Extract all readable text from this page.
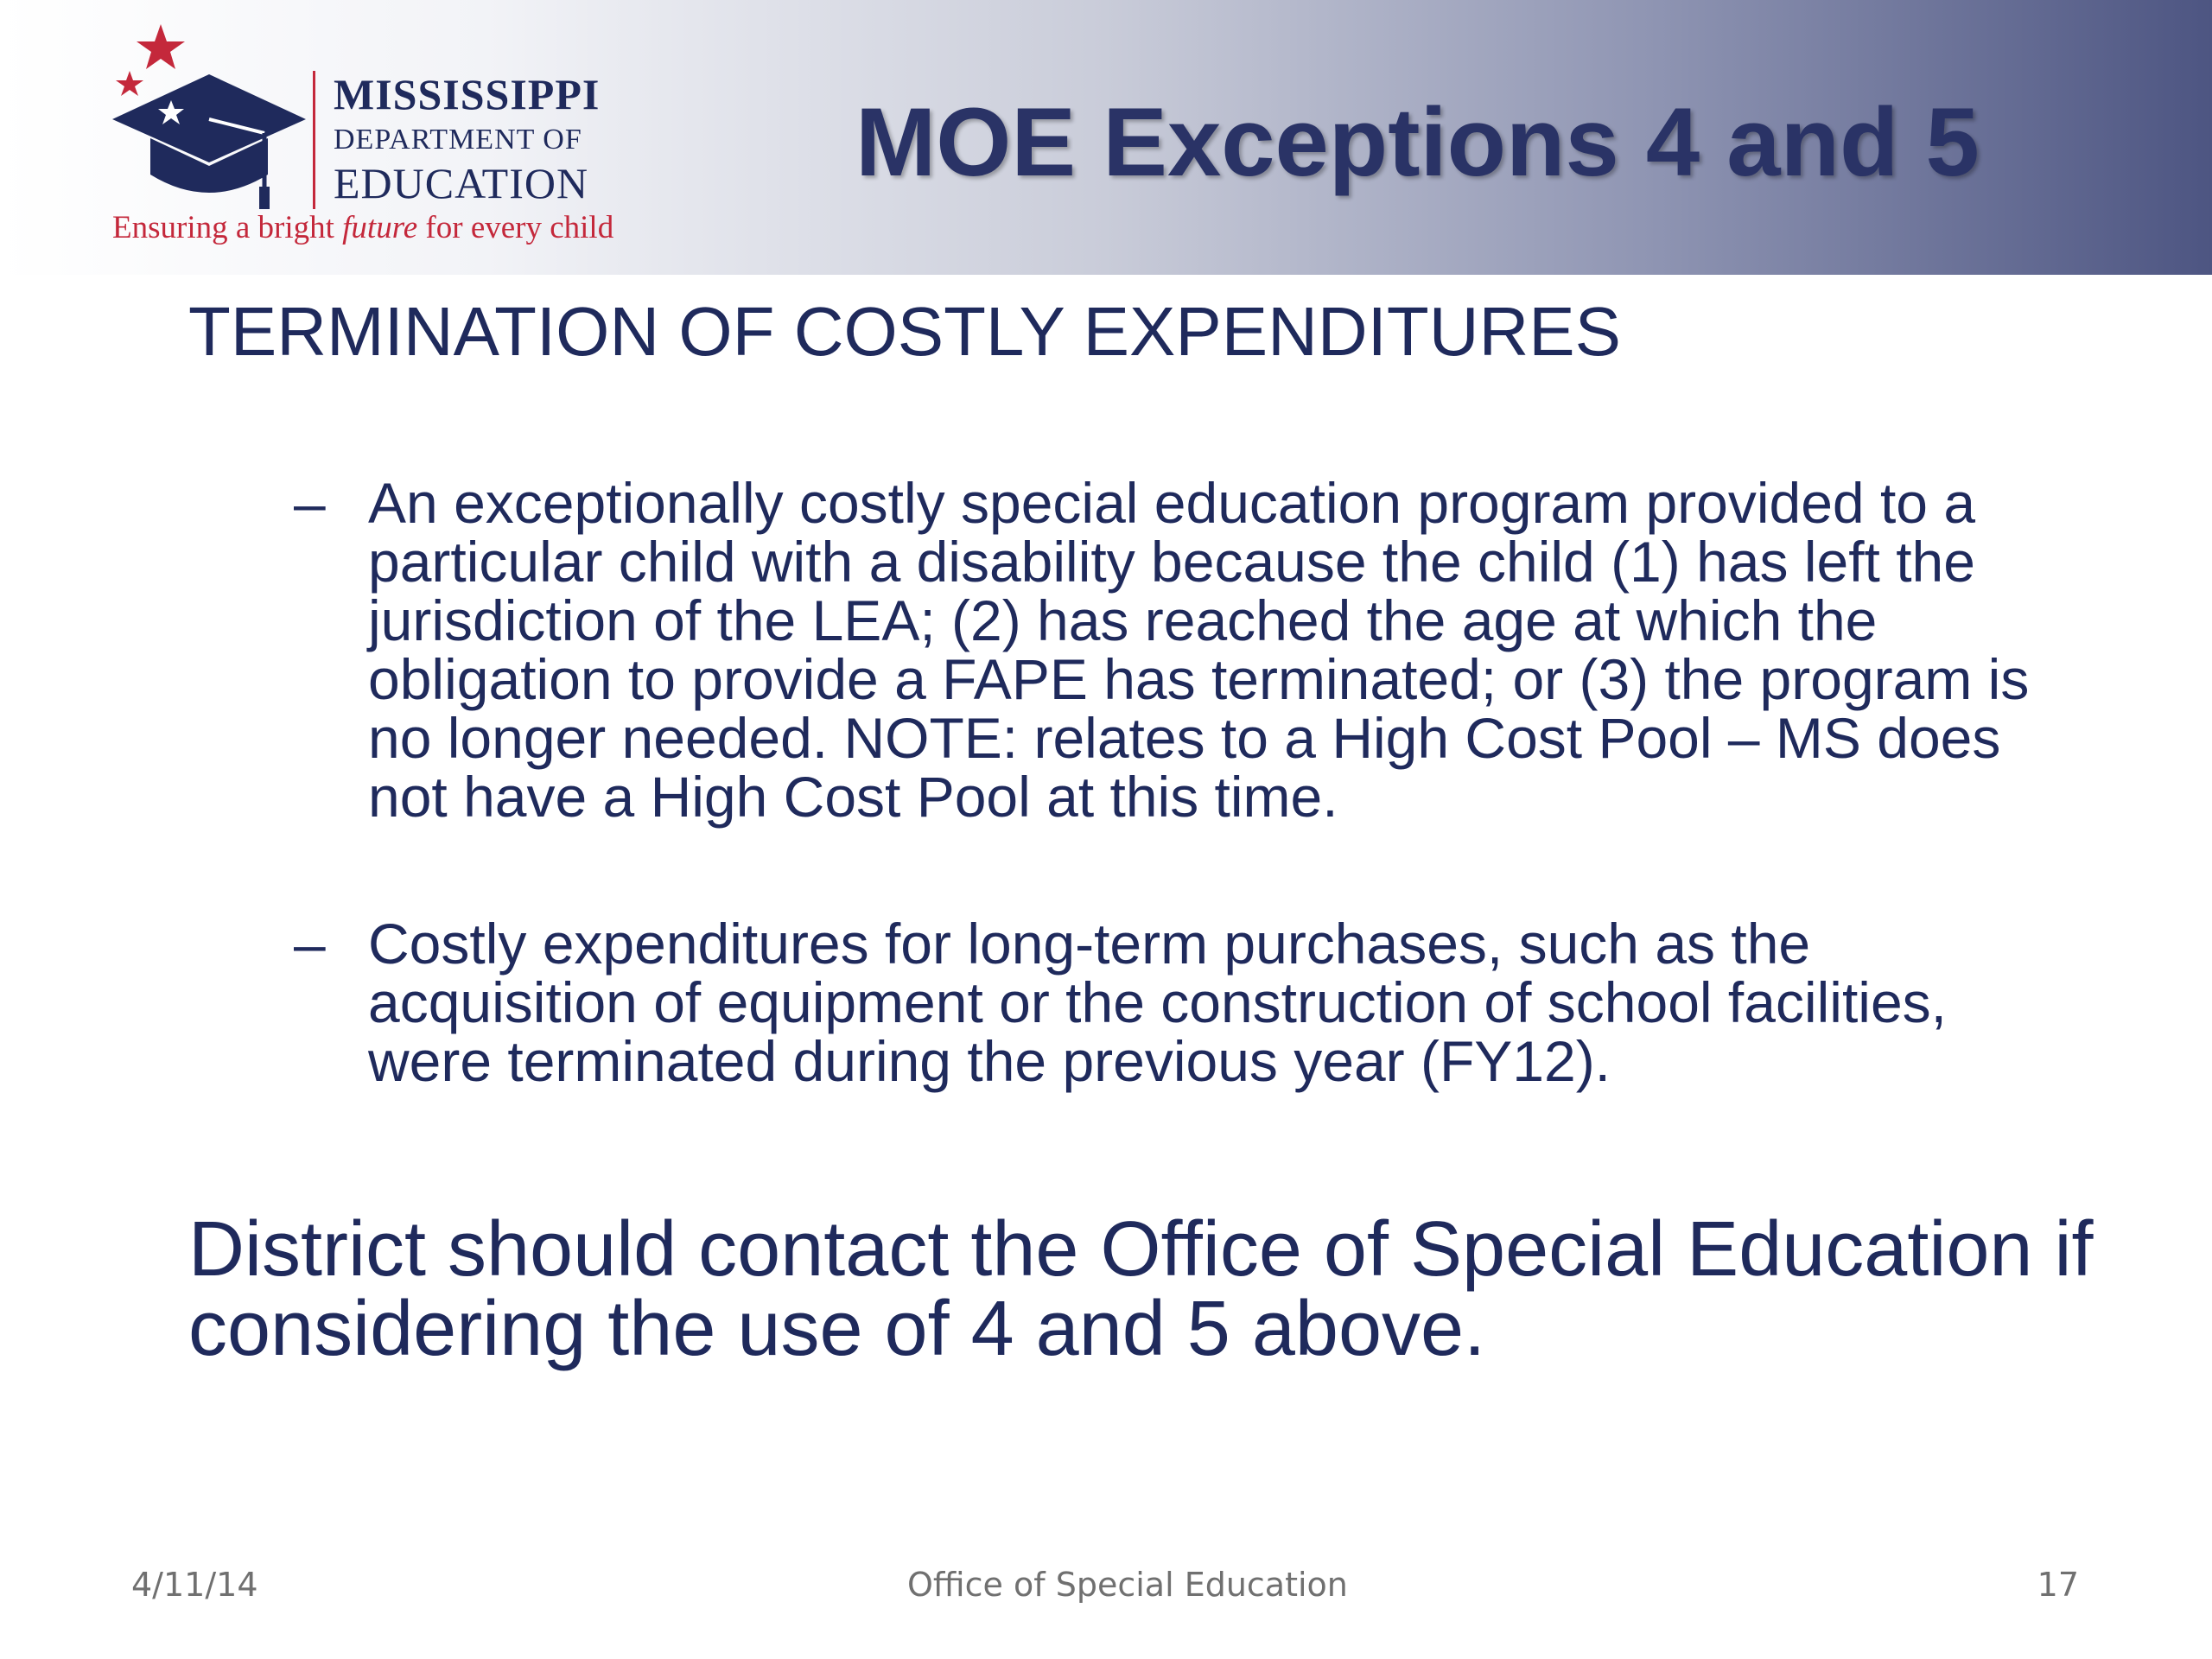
MISSISSIPPI
DEPARTMENT OF
EDUCATION
Ensuring a bright future for every child
MOE Exceptions 4 and 5
TERMINATION OF COSTLY EXPENDITURES
– An exceptionally costly special education program provided to a particular child with a disability because the child (1) has left the jurisdiction of the LEA; (2) has reached the age at which the obligation to provide a FAPE has terminated; or (3) the program is no longer needed. NOTE: relates to a High Cost Pool – MS does not have a High Cost Pool at this time.
– Costly expenditures for long-term purchases, such as the acquisition of equipment or the construction of school facilities, were terminated during the previous year (FY12).
District should contact the Office of Special Education if considering the use of 4 and 5 above.
4/11/14	Office of Special Education	17
